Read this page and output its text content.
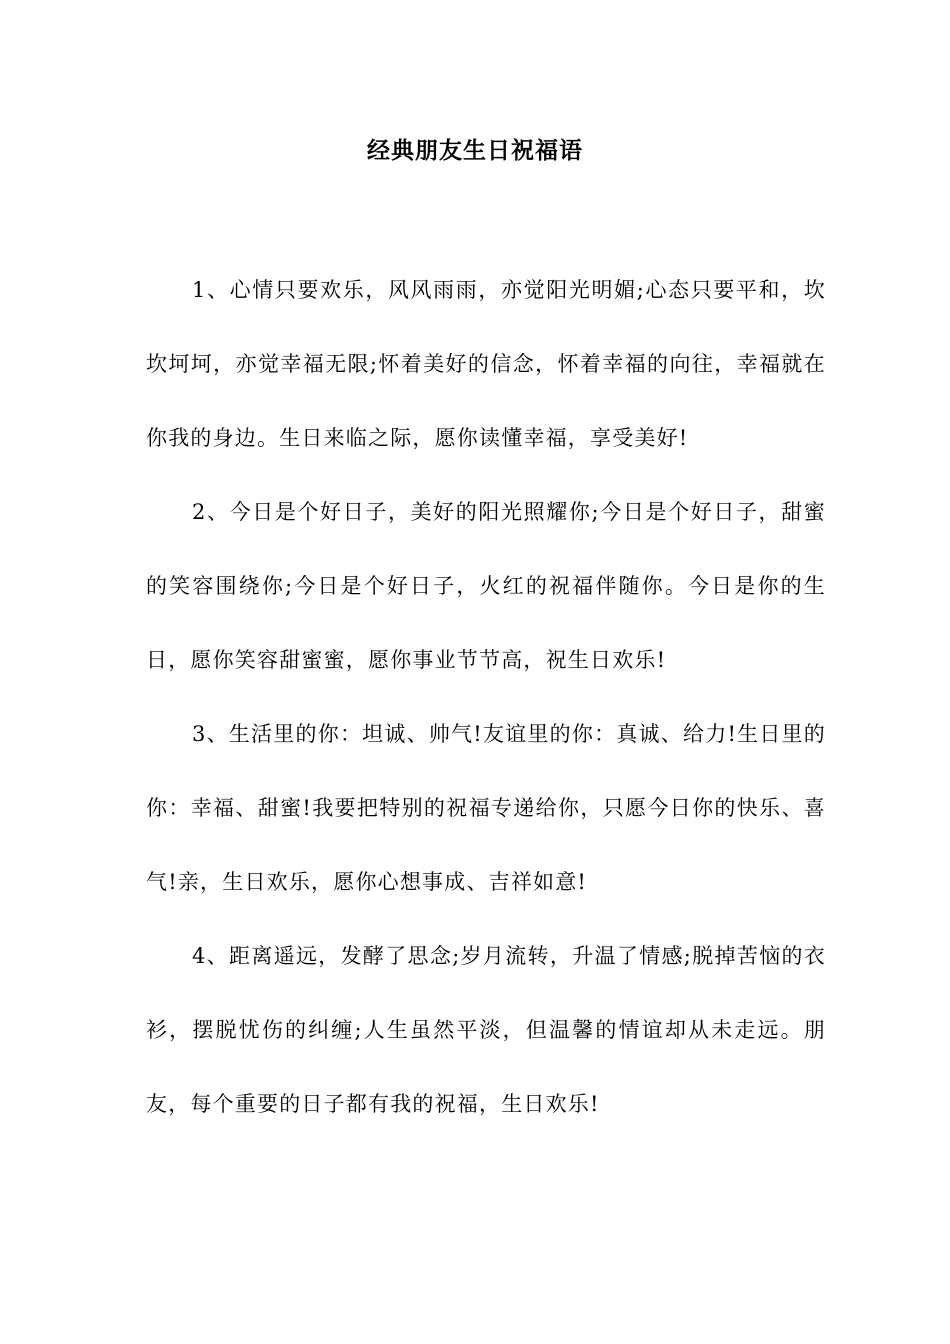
经典朋友生日祝福语

1、心情只要欢乐，风风雨雨，亦觉阳光明媚;心态只要平和，坎坎坷坷，亦觉幸福无限;怀着美好的信念，怀着幸福的向往，幸福就在你我的身边。生日来临之际，愿你读懂幸福，享受美好!

2、今日是个好日子，美好的阳光照耀你;今日是个好日子，甜蜜的笑容围绕你;今日是个好日子，火红的祝福伴随你。今日是你的生日，愿你笑容甜蜜蜜，愿你事业节节高，祝生日欢乐!

3、生活里的你：坦诚、帅气!友谊里的你：真诚、给力!生日里的你：幸福、甜蜜!我要把特别的祝福专递给你，只愿今日你的快乐、喜气!亲，生日欢乐，愿你心想事成、吉祥如意!

4、距离遥远，发酵了思念;岁月流转，升温了情感;脱掉苦恼的衣衫，摆脱忧伤的纠缠;人生虽然平淡，但温馨的情谊却从未走远。朋友，每个重要的日子都有我的祝福，生日欢乐!
